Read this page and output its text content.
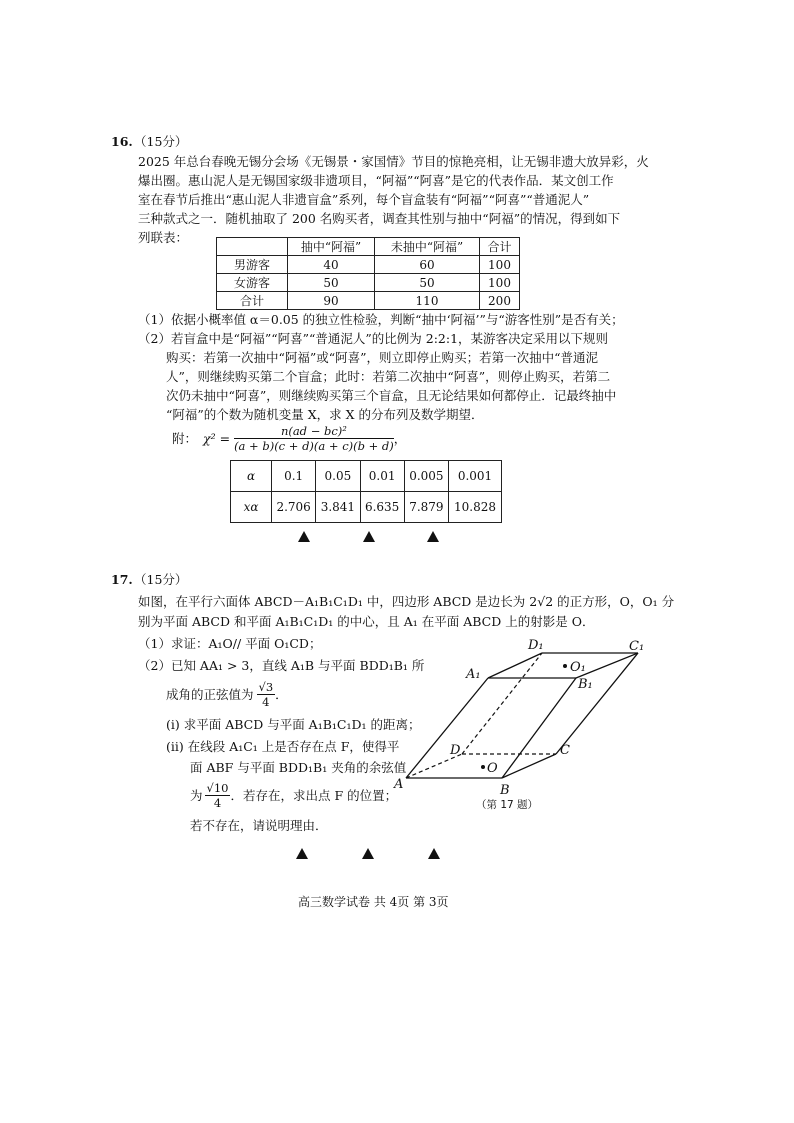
16. （15分）
2025 年总台春晚无锡分会场《无锡景・家国情》节目的惊艳亮相，让无锡非遗大放异彩，火
爆出圈。惠山泥人是无锡国家级非遗项目，“阿福”“阿喜”是它的代表作品．某文创工作
室在春节后推出“惠山泥人非遗盲盒”系列，每个盲盒装有“阿福”“阿喜”“普通泥人”
三种款式之一．随机抽取了 200 名购买者，调查其性别与抽中“阿福”的情况，得到如下
列联表：
	抽中“阿福”	未抽中“阿福”	合计
男游客	40	60	100
女游客	50	50	100
合计	90	110	200
（1）依据小概率值 α＝0.05 的独立性检验，判断“抽中‘阿福’”与“游客性别”是否有关；
（2）若盲盒中是“阿福”“阿喜”“普通泥人”的比例为 2:2:1，某游客决定采用以下规则
购买：若第一次抽中“阿福”或“阿喜”，则立即停止购买；若第一次抽中“普通泥
人”，则继续购买第二个盲盒；此时：若第二次抽中“阿喜”，则停止购买，若第二
次仍未抽中“阿喜”，则继续购买第三个盲盒，且无论结果如何都停止．记最终抽中
“阿福”的个数为随机变量 X，求 X 的分布列及数学期望．
附： $\chi^2 = \frac{\text{n(ad − bc)²}}{(a + b)(c + d)(a + c)(b + d)}$ ，
α	0.1	0.05	0.01	0.005	0.001
xα	2.706	3.841	6.635	7.879	10.828
17. （15分）
如图，在平行六面体 ABCD－A₁B₁C₁D₁ 中，四边形 ABCD 是边长为 2√2 的正方形，O，O₁ 分
别为平面 ABCD 和平面 A₁B₁C₁D₁ 的中心，且 A₁ 在平面 ABCD 上的射影是 O．
（1）求证：A₁O// 平面 O₁CD；
（2）已知 AA₁ > 3，直线 A₁B 与平面 BDD₁B₁ 所
成角的正弦值为 $\frac{√3}{4}$ ．
(i) 求平面 ABCD 与平面 A₁B₁C₁D₁ 的距离；
(ii) 在线段 A₁C₁ 上是否存在点 F，使得平
面 ABF 与平面 BDD₁B₁ 夹角的余弦值
为 $\frac{√10}{4}$ ．若存在，求出点 F 的位置；
若不存在，请说明理由．
A	B
C
D
A₁
B₁
C₁
D₁
O
O₁
（第 17 题）
高三数学试卷 共 4页 第 3页
